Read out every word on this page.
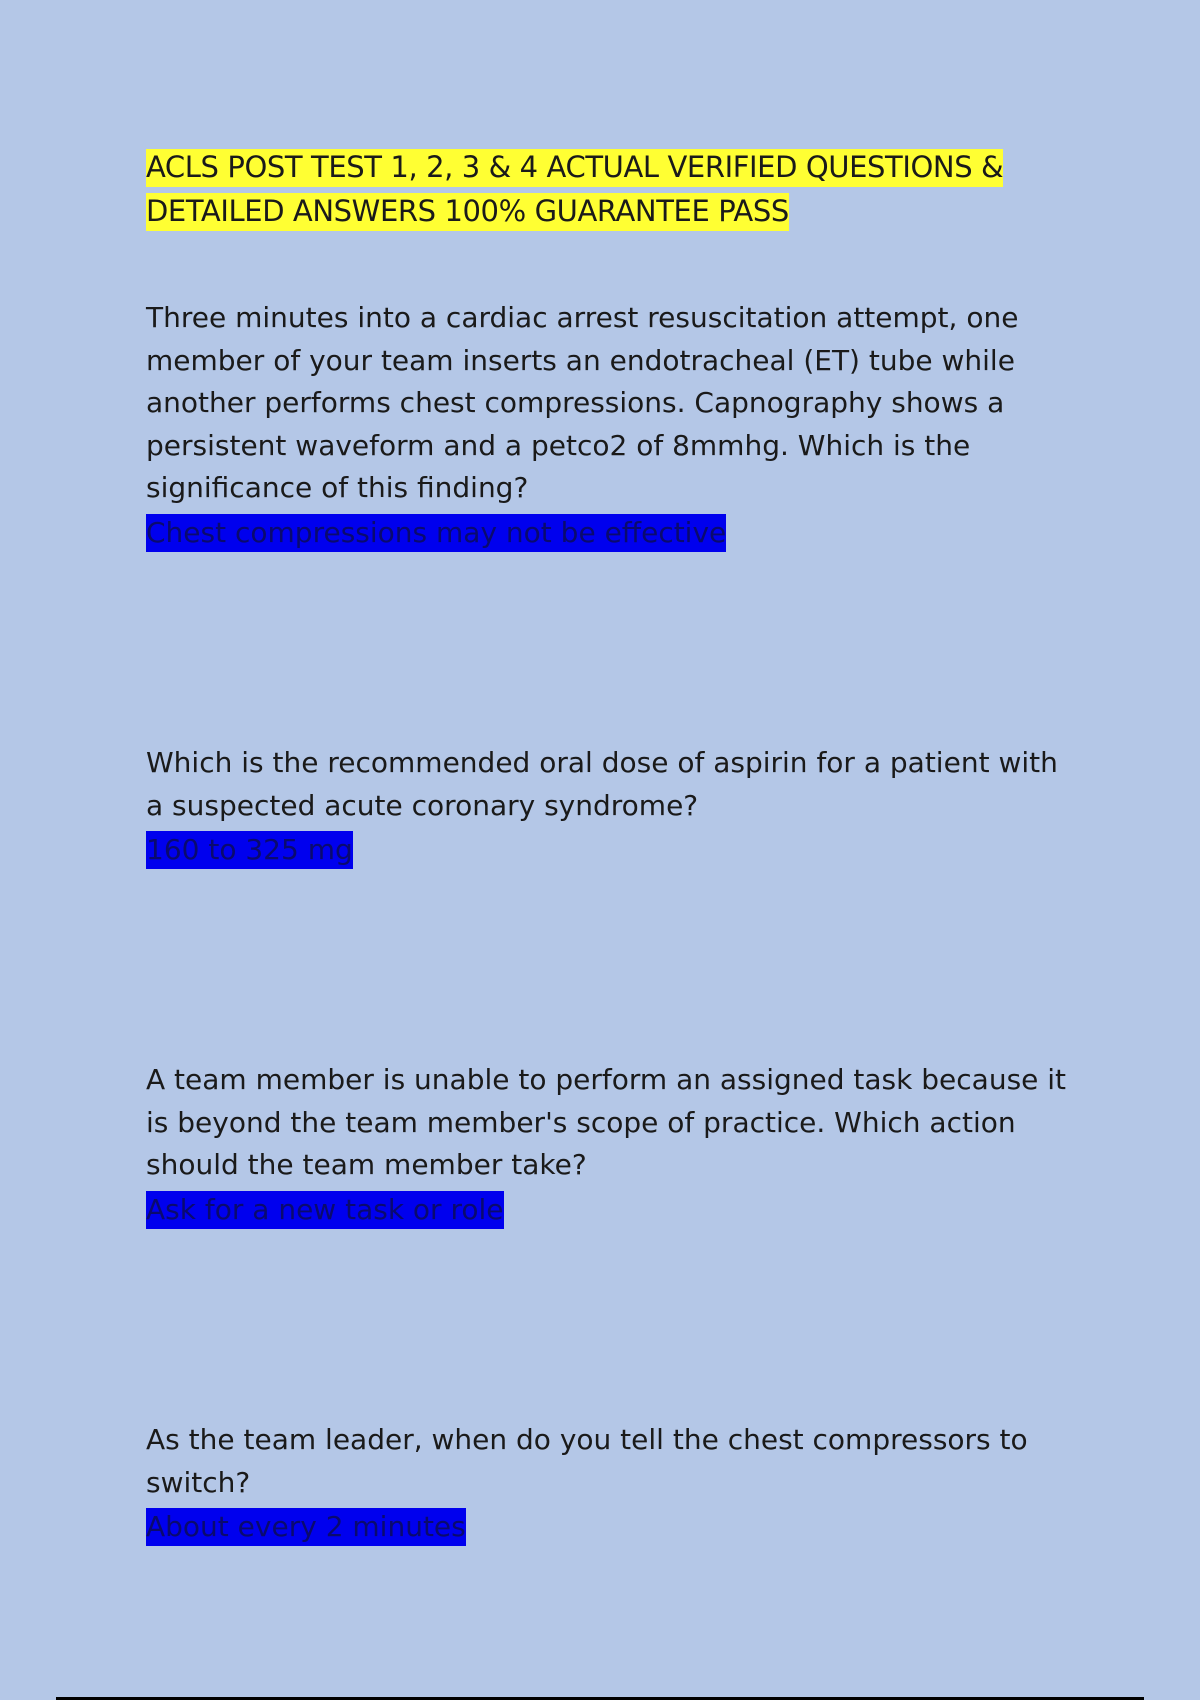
ACLS POST TEST 1, 2, 3 & 4 ACTUAL VERIFIED QUESTIONS & DETAILED ANSWERS 100% GUARANTEE PASS

Three minutes into a cardiac arrest resuscitation attempt, one member of your team inserts an endotracheal (ET) tube while another performs chest compressions. Capnography shows a persistent waveform and a petco2 of 8mmhg. Which is the significance of this finding?

Chest compressions may not be effective

Which is the recommended oral dose of aspirin for a patient with a suspected acute coronary syndrome?

160 to 325 mg

A team member is unable to perform an assigned task because it is beyond the team member's scope of practice. Which action should the team member take?

Ask for a new task or role

As the team leader, when do you tell the chest compressors to switch?

About every 2 minutes
